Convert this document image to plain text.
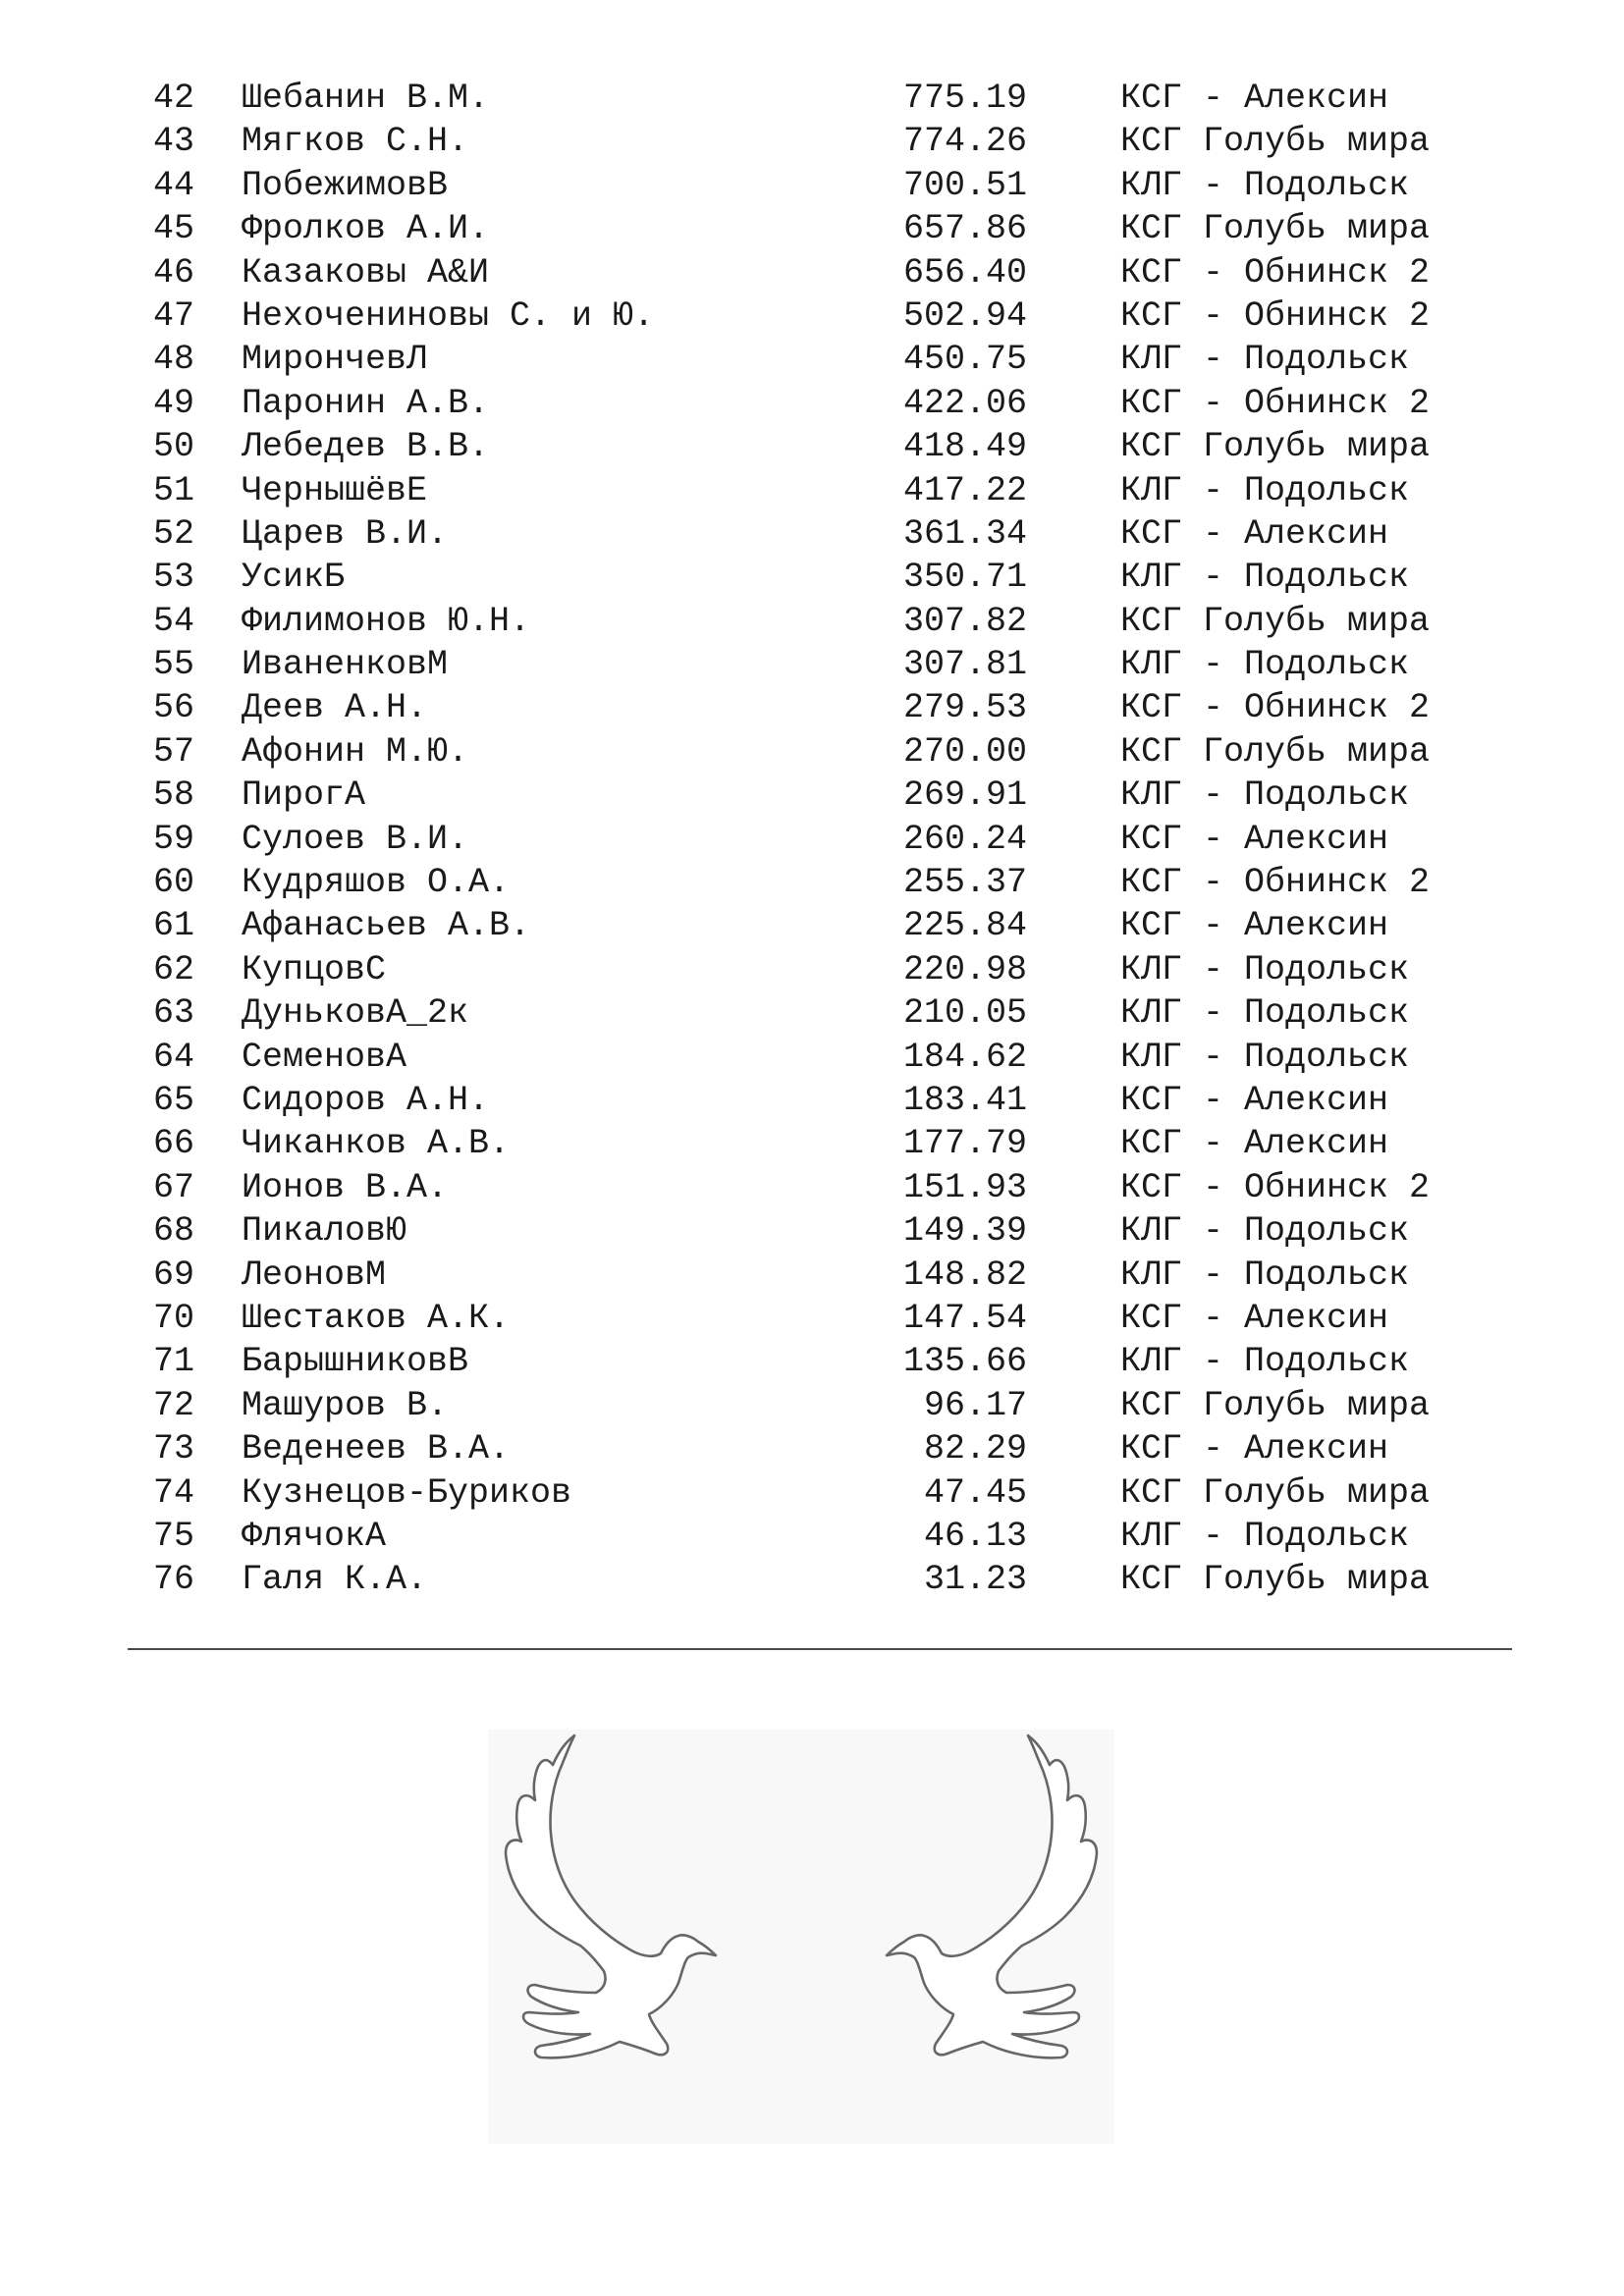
42 Шебанин В.М.	775.19	КСГ - Алексин
43 Мягков С.Н.	774.26	КСГ Голубь мира
44 ПобежимовВ	700.51	КЛГ - Подольск
45 Фролков А.И.	657.86	КСГ Голубь мира
46 Казаковы А&И	656.40	КСГ - Обнинск 2
47 Нехочениновы С. и Ю.	502.94	КСГ - Обнинск 2
48 МирончевЛ	450.75	КЛГ - Подольск
49 Паронин А.В.	422.06	КСГ - Обнинск 2
50 Лебедев В.В.	418.49	КСГ Голубь мира
51 ЧернышёвЕ	417.22	КЛГ - Подольск
52 Царев В.И.	361.34	КСГ - Алексин
53 УсикБ	350.71	КЛГ - Подольск
54 Филимонов Ю.Н.	307.82	КСГ Голубь мира
55 ИваненковМ	307.81	КЛГ - Подольск
56 Деев А.Н.	279.53	КСГ - Обнинск 2
57 Афонин М.Ю.	270.00	КСГ Голубь мира
58 ПирогА	269.91	КЛГ - Подольск
59 Сулоев В.И.	260.24	КСГ - Алексин
60 Кудряшов О.А.	255.37	КСГ - Обнинск 2
61 Афанасьев А.В.	225.84	КСГ - Алексин
62 КупцовС	220.98	КЛГ - Подольск
63 ДуньковА_2к	210.05	КЛГ - Подольск
64 СеменовА	184.62	КЛГ - Подольск
65 Сидоров А.Н.	183.41	КСГ - Алексин
66 Чиканков А.В.	177.79	КСГ - Алексин
67 Ионов В.А.	151.93	КСГ - Обнинск 2
68 ПикаловЮ	149.39	КЛГ - Подольск
69 ЛеоновМ	148.82	КЛГ - Подольск
70 Шестаков А.К.	147.54	КСГ - Алексин
71 БарышниковВ	135.66	КЛГ - Подольск
72 Машуров В.	96.17	КСГ Голубь мира
73 Веденеев В.А.	82.29	КСГ - Алексин
74 Кузнецов-Буриков	47.45	КСГ Голубь мира
75 ФлячокА	46.13	КЛГ - Подольск
76 Галя К.А.	31.23	КСГ Голубь мира
